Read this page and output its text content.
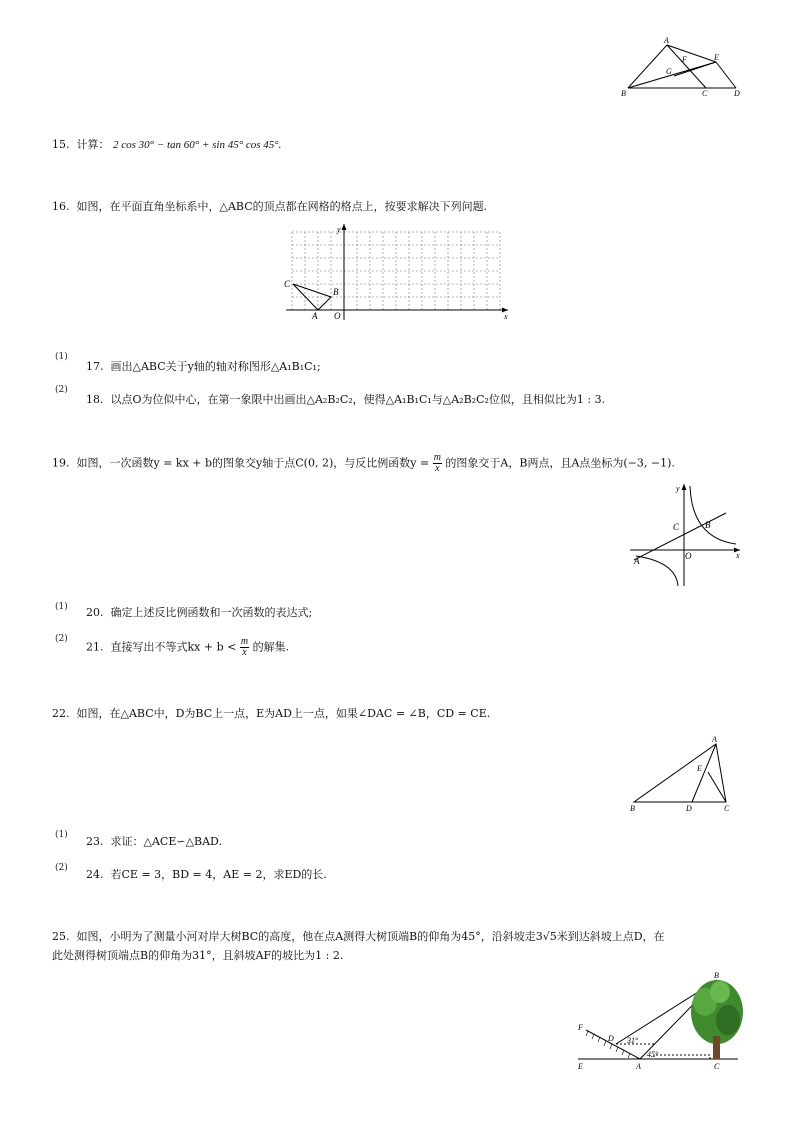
A
G
F	E
B	C	D
15. 计算： 2 cos 30° − tan 60° + sin 45° cos 45°.
16. 如图，在平面直角坐标系中，△ABC的顶点都在网格的格点上，按要求解决下列问题.
y
x
C
B
A O
(1)
17. 画出△ABC关于y轴的轴对称图形△A₁B₁C₁;
(2)
18. 以点O为位似中心，在第一象限中出画出△A₂B₂C₂，使得△A₁B₁C₁与△A₂B₂C₂位似，且相似比为1 : 3.
19. 如图，一次函数y = kx + b的图象交y轴于点C(0, 2)，与反比例函数$y = \frac{m}{x}$ 的图象交于A，B两点，且A点坐标为(−3, −1).
y
x
C	B
A	O
(1) 20. 确定上述反比例函数和一次函数的表达式;
(2)
21. 直接写出不等式kx + $b < \frac{m}{x}$ 的解集.
22. 如图，在△ABC中，D为BC上一点，E为AD上一点，如果∠DAC = ∠B，CD = CE.
A
E
B	D	C
(1) 23. 求证：△ACE∽△BAD.
(2) 24. 若CE = 3，BD = 4，AE = 2，求ED的长.
25. 如图，小明为了测量小河对岸大树BC的高度，他在点A测得大树顶端B的仰角为45°，沿斜坡走3√5米到达斜坡上点D，在
此处测得树顶端点B的仰角为31°，且斜坡AF的坡比为1 : 2.
B
F
D 31°
45°
E	A	C
